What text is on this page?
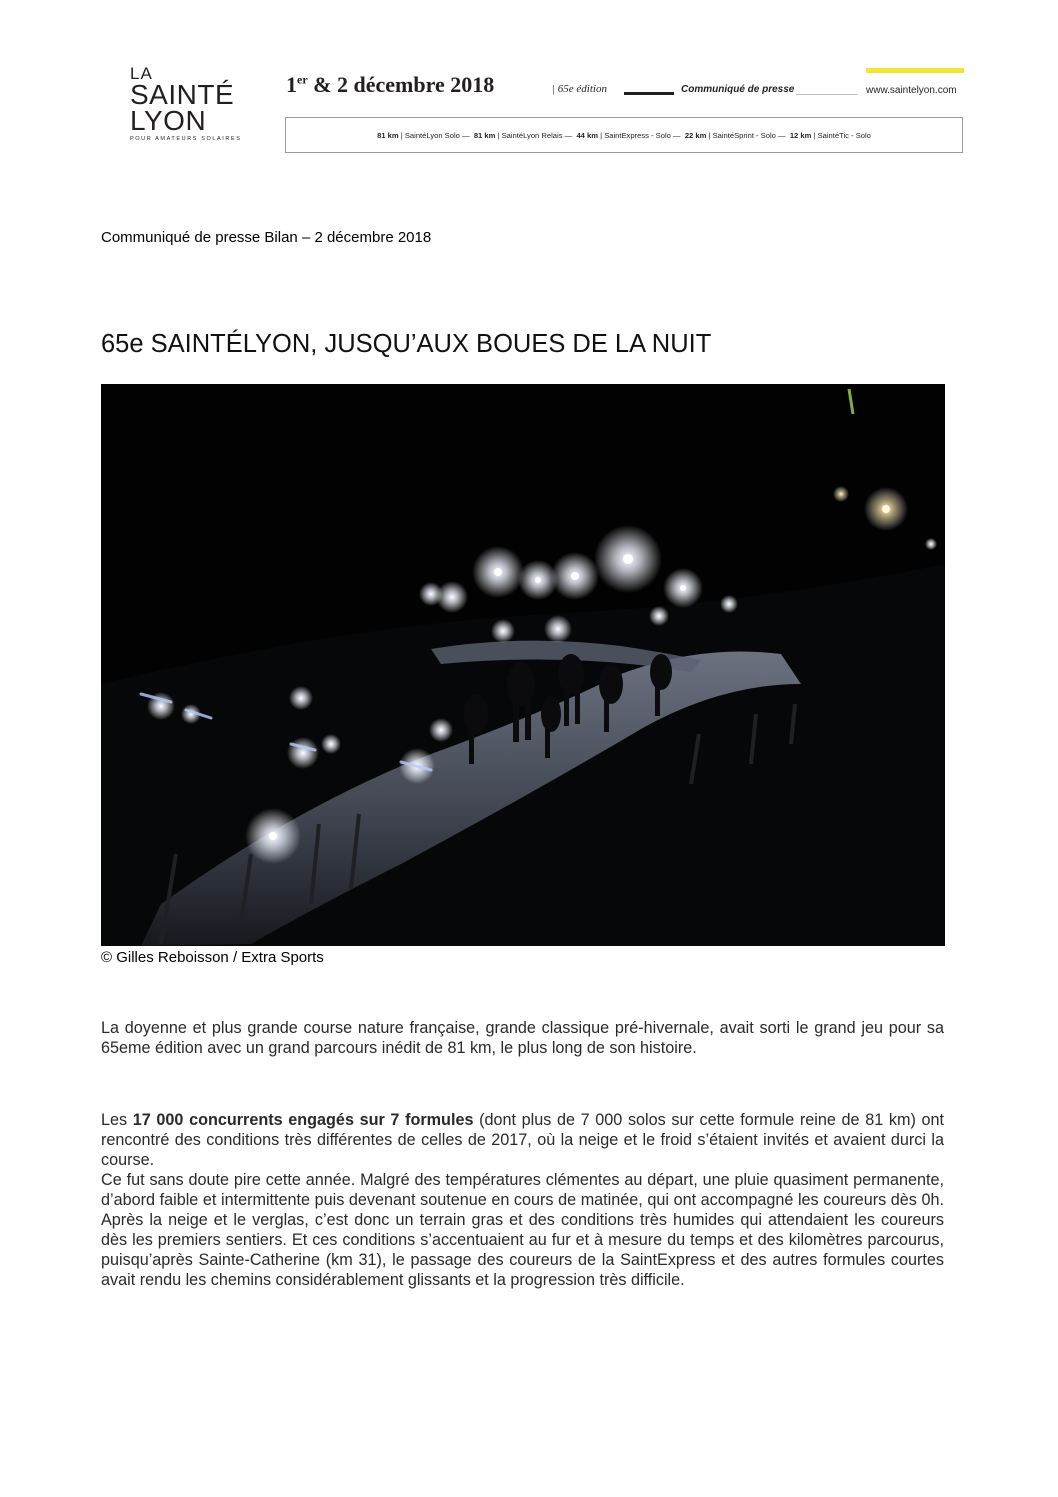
LA
SAINTÉ
LYON
POUR AMATEURS SOLAIRES
1er & 2 décembre 2018	| 65e édition	Communiqué de presse	www.saintelyon.com
81 km | SaintéLyon Solo — 81 km | SaintéLyon Relais — 44 km | SaintExpress - Solo — 22 km | SaintéSprint - Solo — 12 km | SaintéTic - Solo
Communiqué de presse Bilan – 2 décembre 2018
65e SAINTÉLYON, JUSQU’AUX BOUES DE LA NUIT
© Gilles Reboisson / Extra Sports

La doyenne et plus grande course nature française, grande classique pré-hivernale, avait sorti le grand jeu pour sa 65eme édition avec un grand parcours inédit de 81 km, le plus long de son histoire.

Les 17 000 concurrents engagés sur 7 formules (dont plus de 7 000 solos sur cette formule reine de 81 km) ont rencontré des conditions très différentes de celles de 2017, où la neige et le froid s’étaient invités et avaient durci la course.
Ce fut sans doute pire cette année. Malgré des températures clémentes au départ, une pluie quasiment permanente, d’abord faible et intermittente puis devenant soutenue en cours de matinée, qui ont accompagné les coureurs dès 0h. Après la neige et le verglas, c’est donc un terrain gras et des conditions très humides qui attendaient les coureurs dès les premiers sentiers. Et ces conditions s’accentuaient au fur et à mesure du temps et des kilomètres parcourus, puisqu’après Sainte-Catherine (km 31), le passage des coureurs de la SaintExpress et des autres formules courtes avait rendu les chemins considérablement glissants et la progression très difficile.
